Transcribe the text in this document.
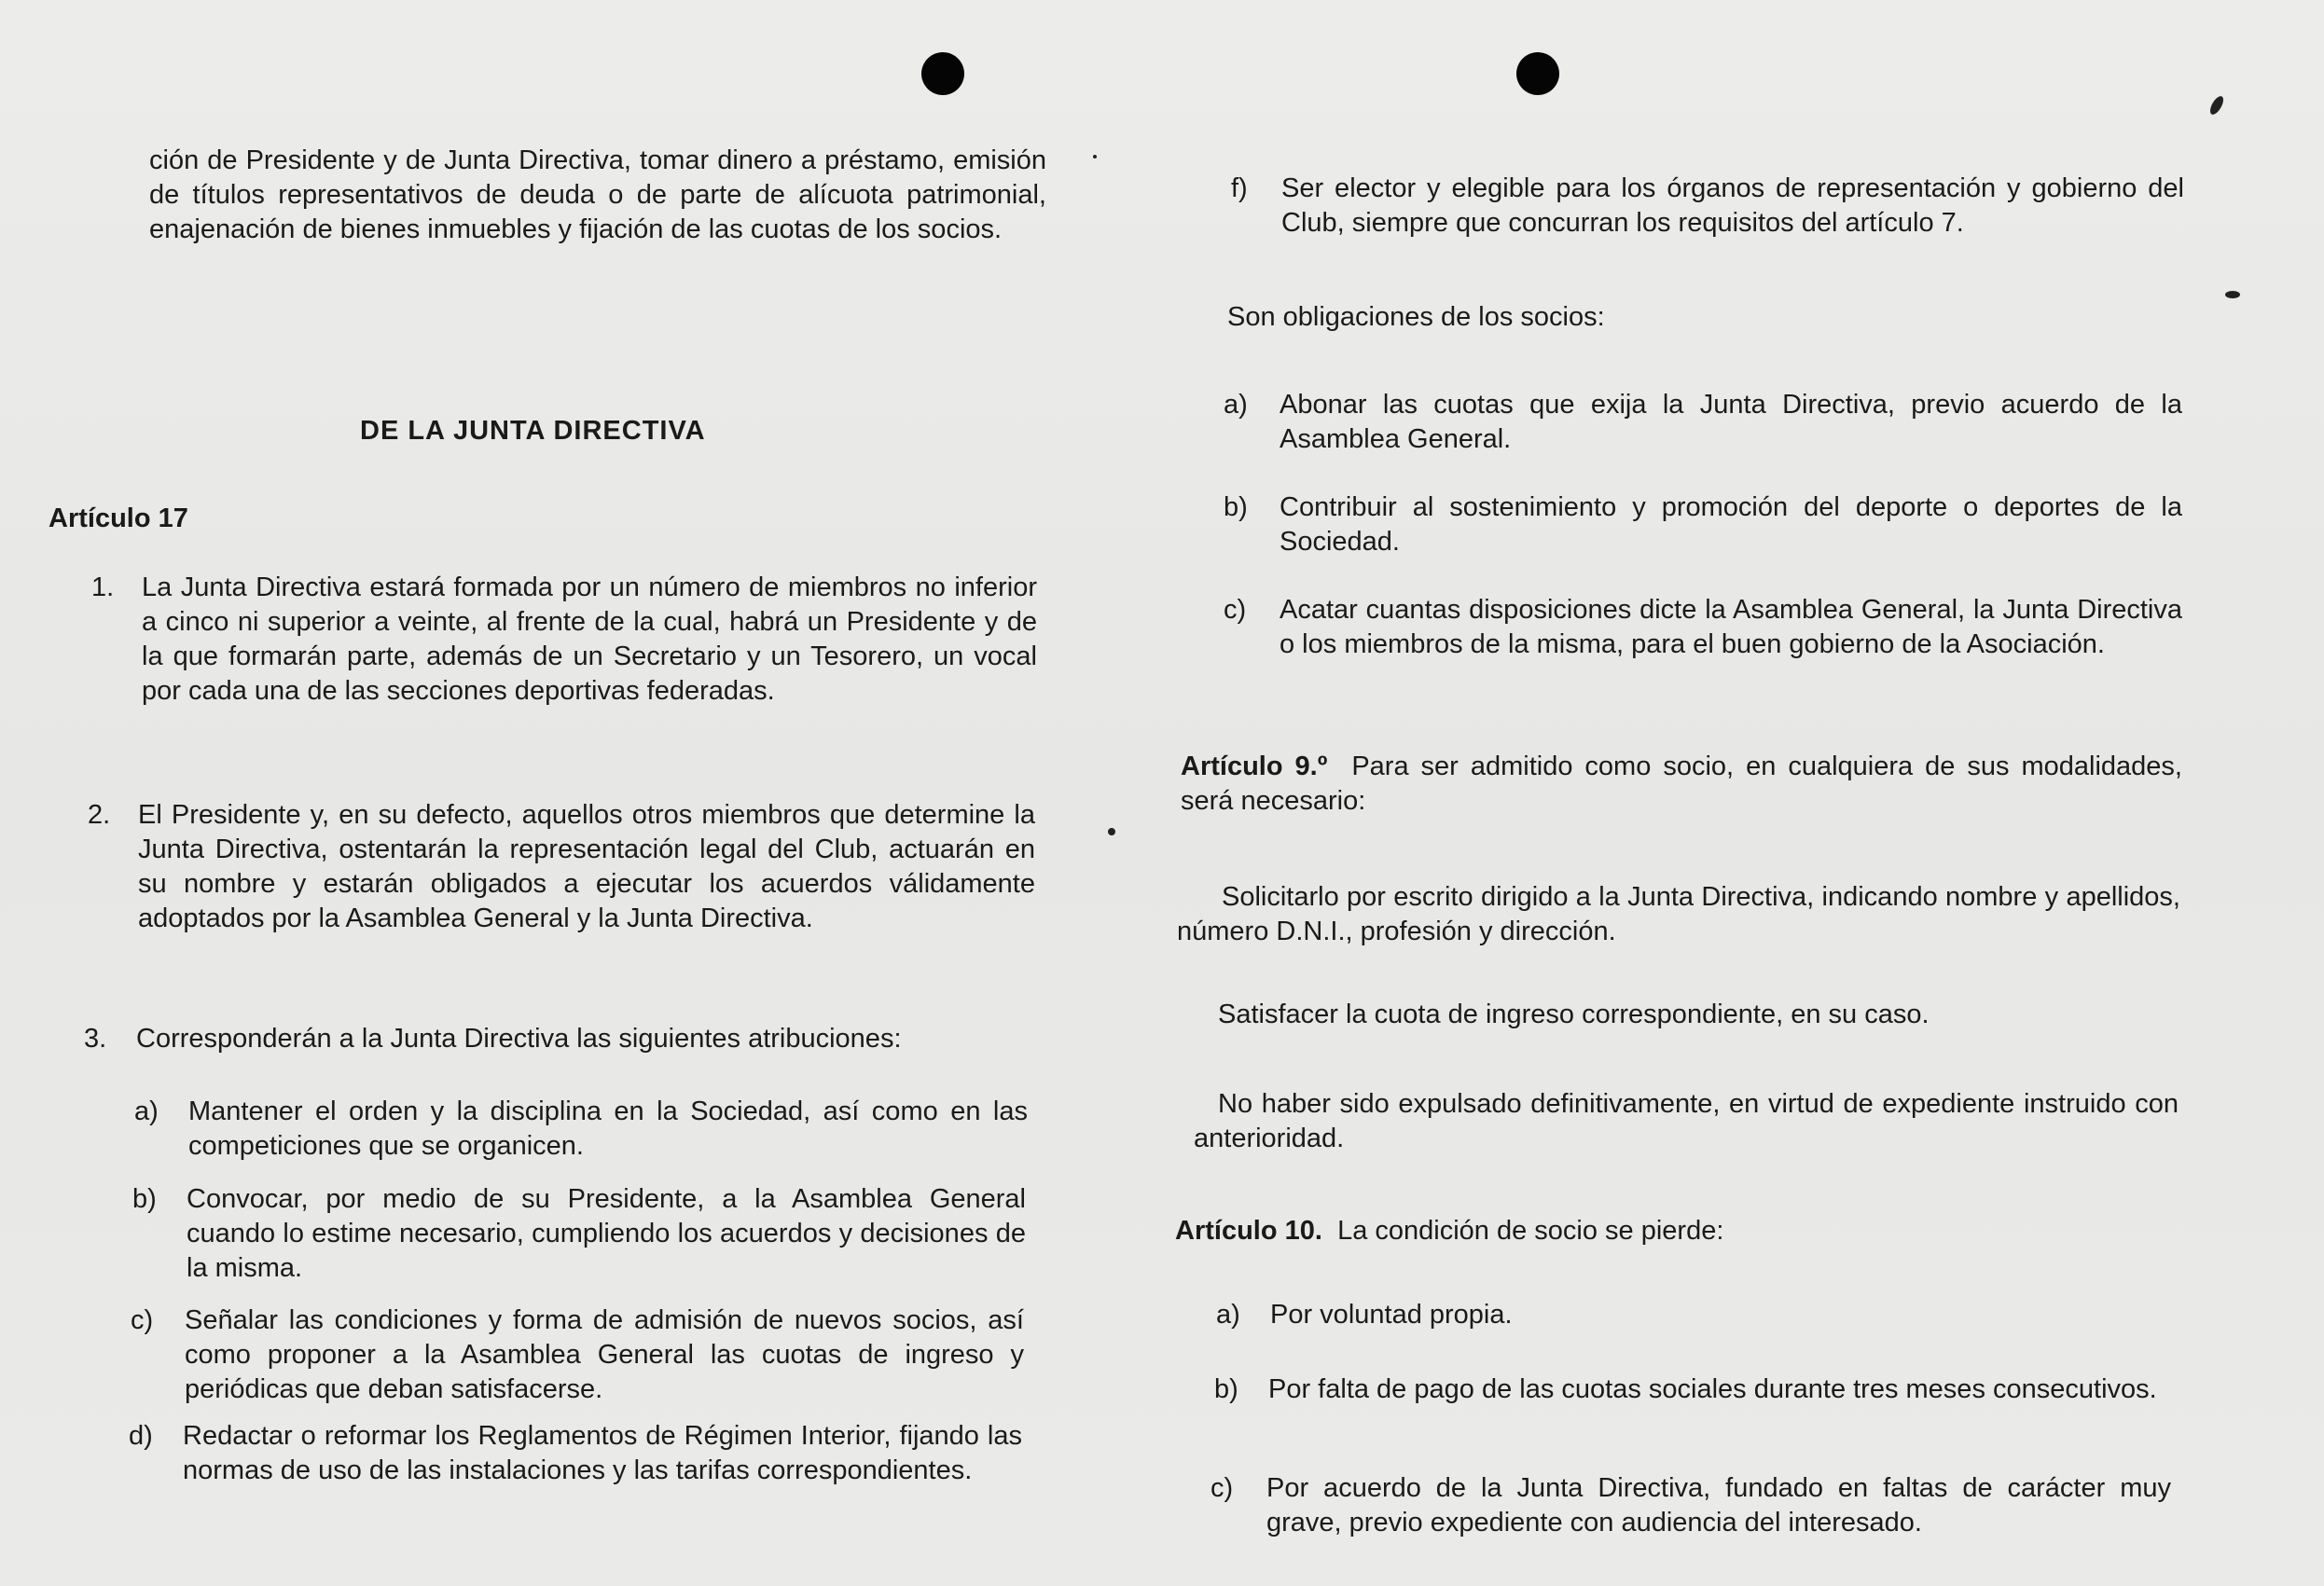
ción de Presidente y de Junta Directiva, tomar dinero a préstamo, emisión de títulos representativos de deuda o de parte de alícuota patrimonial, enajenación de bienes inmuebles y fijación de las cuotas de los socios.

DE LA JUNTA DIRECTIVA
Artículo 17
1. La Junta Directiva estará formada por un número de miembros no inferior a cinco ni superior a veinte, al frente de la cual, habrá un Presidente y de la que formarán parte, además de un Secretario y un Tesorero, un vocal por cada una de las secciones deportivas federadas.
2. El Presidente y, en su defecto, aquellos otros miembros que determine la Junta Directiva, ostentarán la representación legal del Club, actuarán en su nombre y estarán obligados a ejecutar los acuerdos válidamente adoptados por la Asamblea General y la Junta Directiva.
3. Corresponderán a la Junta Directiva las siguientes atribuciones:
a) Mantener el orden y la disciplina en la Sociedad, así como en las competiciones que se organicen.
b) Convocar, por medio de su Presidente, a la Asamblea General cuando lo estime necesario, cumpliendo los acuerdos y decisiones de la misma.
c) Señalar las condiciones y forma de admisión de nuevos socios, así como proponer a la Asamblea General las cuotas de ingreso y periódicas que deban satisfacerse.
d) Redactar o reformar los Reglamentos de Régimen Interior, fijando las normas de uso de las instalaciones y las tarifas correspondientes.
f) Ser elector y elegible para los órganos de representación y gobierno del Club, siempre que concurran los requisitos del artículo 7.

Son obligaciones de los socios:

a) Abonar las cuotas que exija la Junta Directiva, previo acuerdo de la Asamblea General.
b) Contribuir al sostenimiento y promoción del deporte o deportes de la Sociedad.
c) Acatar cuantas disposiciones dicte la Asamblea General, la Junta Directiva o los miembros de la misma, para el buen gobierno de la Asociación.
Artículo 9.º Para ser admitido como socio, en cualquiera de sus modalidades, será necesario:

Solicitarlo por escrito dirigido a la Junta Directiva, indicando nombre y apellidos, número D.N.I., profesión y dirección.

Satisfacer la cuota de ingreso correspondiente, en su caso.

No haber sido expulsado definitivamente, en virtud de expediente instruido con anterioridad.

Artículo 10. La condición de socio se pierde:
a) Por voluntad propia.
b) Por falta de pago de las cuotas sociales durante tres meses consecutivos.
c) Por acuerdo de la Junta Directiva, fundado en faltas de carácter muy grave, previo expediente con audiencia del interesado.
